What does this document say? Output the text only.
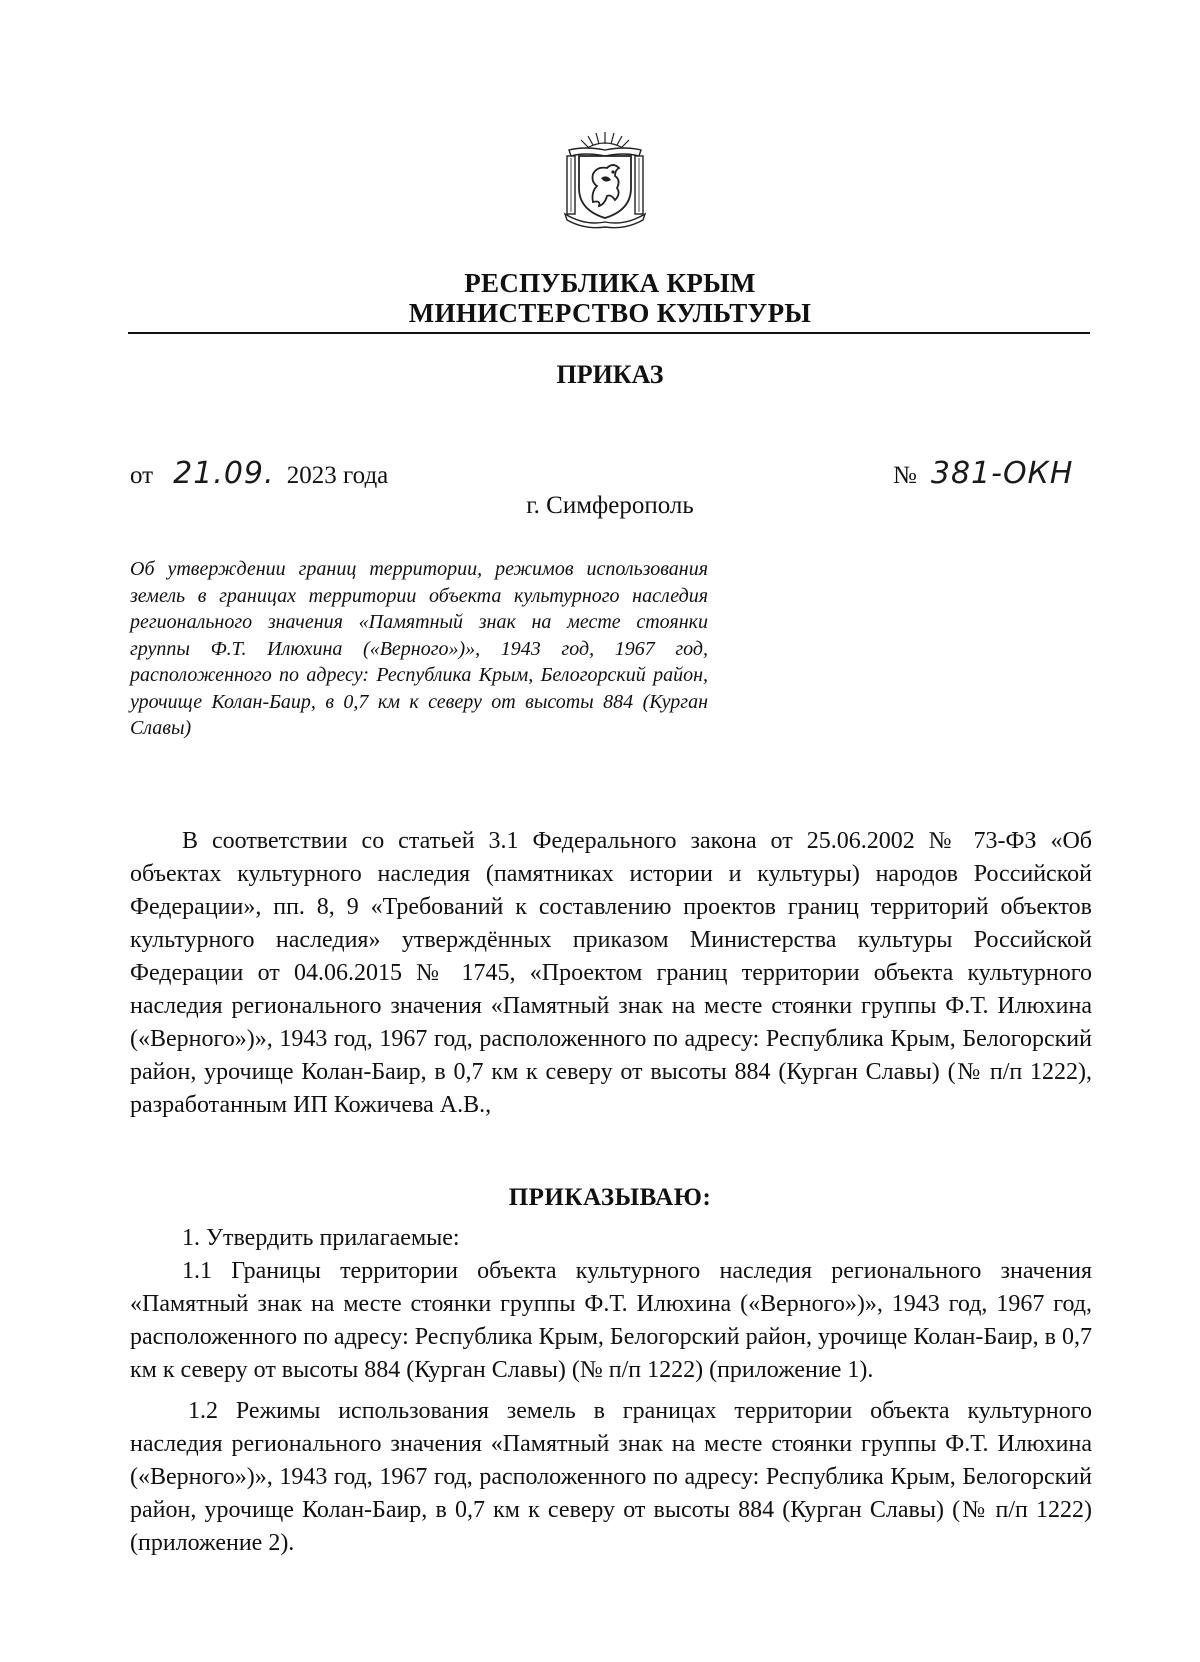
РЕСПУБЛИКА КРЫМ
МИНИСТЕРСТВО КУЛЬТУРЫ
ПРИКАЗ
от 21.09. 2023 года	№ 381-ОКН
г. Симферополь
Об утверждении границ территории, режимов использования земель в границах территории объекта культурного наследия регионального значения «Памятный знак на месте стоянки группы Ф.Т. Илюхина («Верного»)», 1943 год, 1967 год, расположенного по адресу: Республика Крым, Белогорский район, урочище Колан-Баир, в 0,7 км к северу от высоты 884 (Курган Славы)

В соответствии со статьей 3.1 Федерального закона от 25.06.2002 № 73-ФЗ «Об объектах культурного наследия (памятниках истории и культуры) народов Российской Федерации», пп. 8, 9 «Требований к составлению проектов границ территорий объектов культурного наследия» утверждённых приказом Министерства культуры Российской Федерации от 04.06.2015 № 1745, «Проектом границ территории объекта культурного наследия регионального значения «Памятный знак на месте стоянки группы Ф.Т. Илюхина («Верного»)», 1943 год, 1967 год, расположенного по адресу: Республика Крым, Белогорский район, урочище Колан-Баир, в 0,7 км к северу от высоты 884 (Курган Славы) (№ п/п 1222), разработанным ИП Кожичева А.В.,

ПРИКАЗЫВАЮ:

1. Утвердить прилагаемые:

1.1 Границы территории объекта культурного наследия регионального значения «Памятный знак на месте стоянки группы Ф.Т. Илюхина («Верного»)», 1943 год, 1967 год, расположенного по адресу: Республика Крым, Белогорский район, урочище Колан-Баир, в 0,7 км к северу от высоты 884 (Курган Славы) (№ п/п 1222) (приложение 1).

1.2 Режимы использования земель в границах территории объекта культурного наследия регионального значения «Памятный знак на месте стоянки группы Ф.Т. Илюхина («Верного»)», 1943 год, 1967 год, расположенного по адресу: Республика Крым, Белогорский район, урочище Колан-Баир, в 0,7 км к северу от высоты 884 (Курган Славы) (№ п/п 1222) (приложение 2).
